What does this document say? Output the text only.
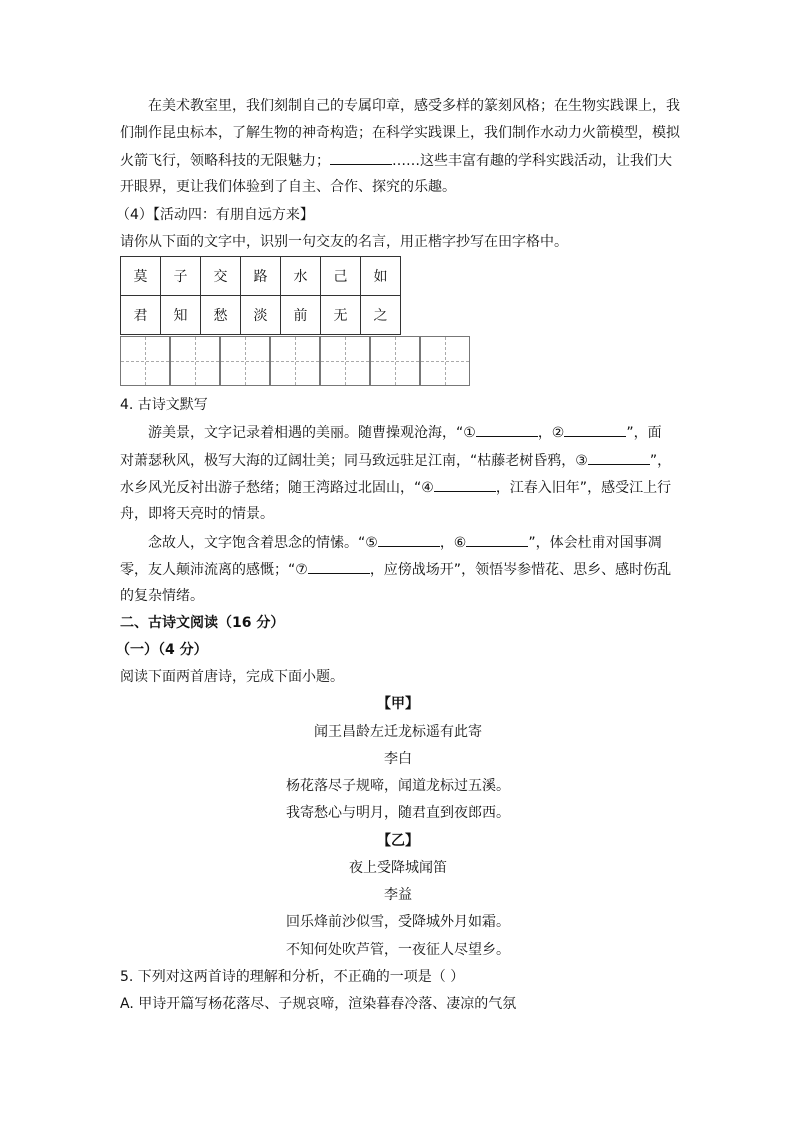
在美术教室里，我们刻制自己的专属印章，感受多样的篆刻风格；在生物实践课上，我
们制作昆虫标本，了解生物的神奇构造；在科学实践课上，我们制作水动力火箭模型，模拟
火箭飞行，领略科技的无限魅力；	……这些丰富有趣的学科实践活动，让我们大
开眼界，更让我们体验到了自主、合作、探究的乐趣。
（4）【活动四：有朋自远方来】
请你从下面的文字中，识别一句交友的名言，用正楷字抄写在田字格中。
莫	子	交	路	水	己	如
君	知	愁	淡	前	无	之
4. 古诗文默写
游美景，文字记录着相遇的美丽。随曹操观沧海，“①	，②	”，面
对萧瑟秋风，极写大海的辽阔壮美；同马致远驻足江南，“枯藤老树昏鸦，③	”，
水乡风光反衬出游子愁绪；随王湾路过北固山，“④	，江春入旧年”，感受江上行
舟，即将天亮时的情景。
念故人，文字饱含着思念的情愫。“⑤	，⑥	”，体会杜甫对国事凋
零，友人颠沛流离的感慨；“⑦	，应傍战场开”，领悟岑参惜花、思乡、感时伤乱
的复杂情绪。
二、古诗文阅读（16 分）
（一）（4 分）
阅读下面两首唐诗，完成下面小题。
【甲】
闻王昌龄左迁龙标遥有此寄
李白
杨花落尽子规啼，闻道龙标过五溪。
我寄愁心与明月，随君直到夜郎西。
【乙】
夜上受降城闻笛
李益
回乐烽前沙似雪，受降城外月如霜。
不知何处吹芦管，一夜征人尽望乡。
5. 下列对这两首诗的理解和分析，不正确的一项是（ ）
A. 甲诗开篇写杨花落尽、子规哀啼，渲染暮春冷落、凄凉的气氛
